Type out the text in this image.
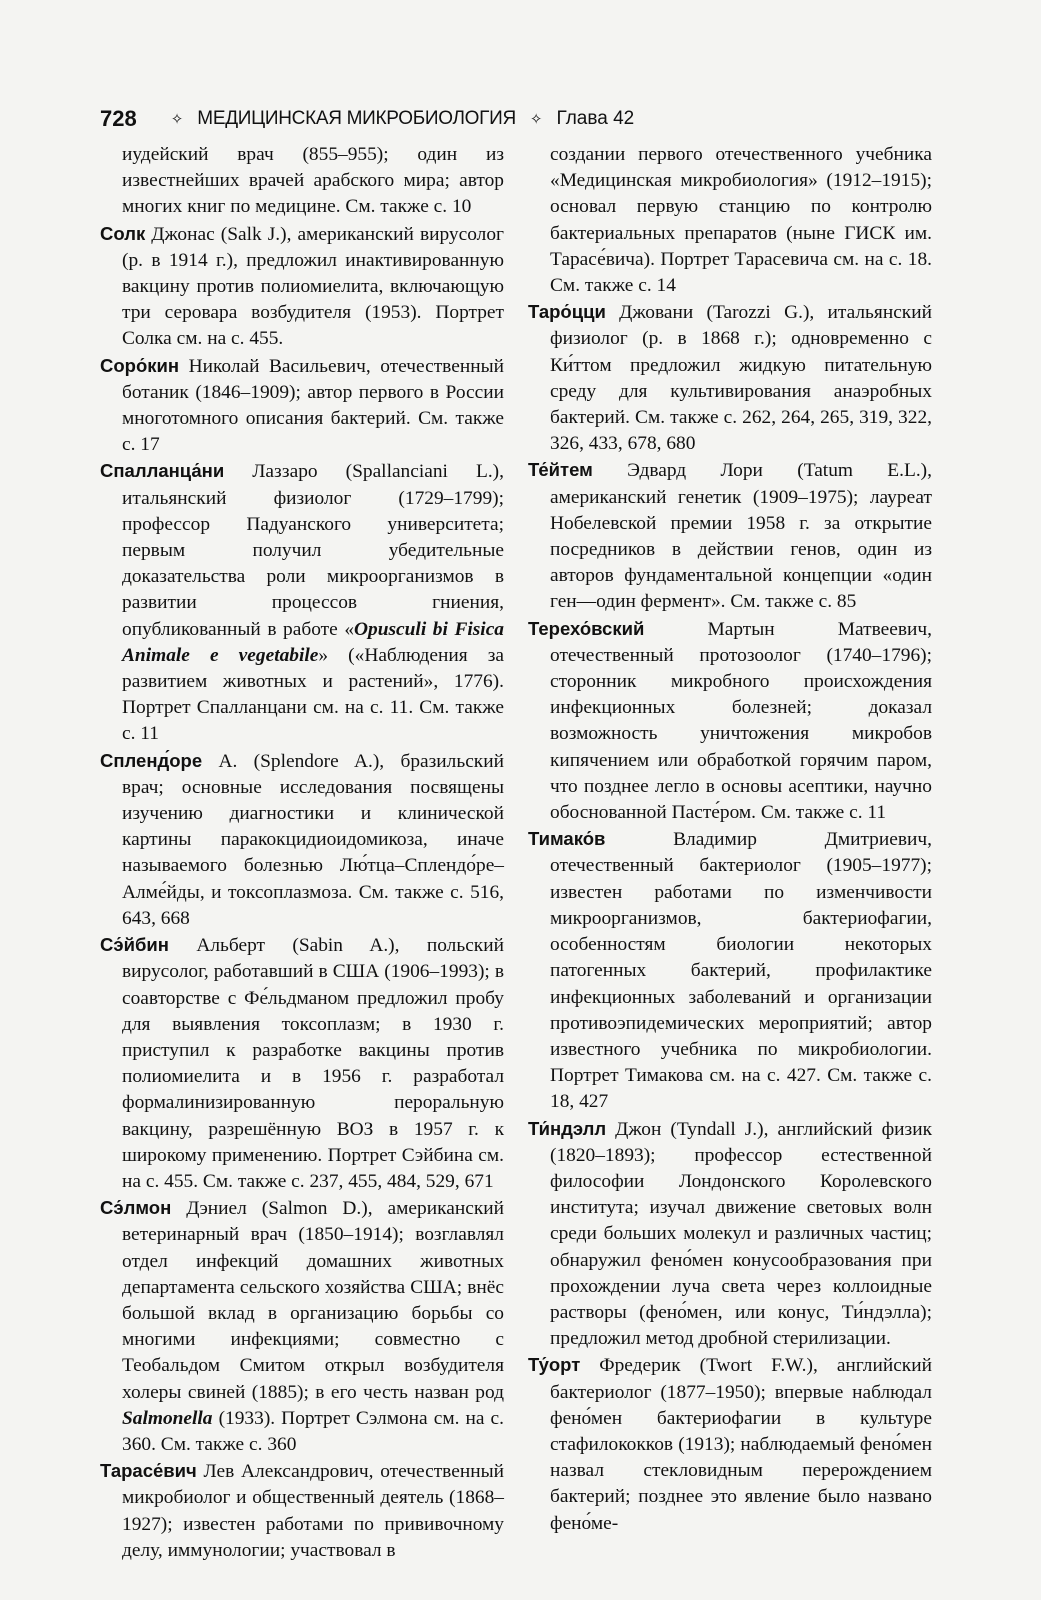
728 ✧ МЕДИЦИНСКАЯ МИКРОБИОЛОГИЯ ✧ Глава 42

иудейский врач (855–955); один из известнейших врачей арабского мира; автор многих книг по медицине. См. также с. 10

Солк Джонас (Salk J.), американский вирусолог (р. в 1914 г.), предложил инактивированную вакцину против полиомиелита, включающую три серовара возбудителя (1953). Портрет Солка см. на с. 455.

Соро́кин Николай Васильевич, отечественный ботаник (1846–1909); автор первого в России многотомного описания бактерий. См. также с. 17

Спалланца́ни Лаззаро (Spallanciani L.), итальянский физиолог (1729–1799); профессор Падуанского университета; первым получил убедительные доказательства роли микроорганизмов в развитии процессов гниения, опубликованный в работе «Opusculi bi Fisica Animale e vegetabile» («Наблюдения за развитием животных и растений», 1776). Портрет Спалланцани см. на с. 11. См. также с. 11

Спленд́оре А. (Splendore A.), бразильский врач; основные исследования посвящены изучению диагностики и клинической картины паракокцидиоидомикоза, иначе называемого болезнью Лю́тца–Сплендо́ре–Алме́йды, и токсоплазмоза. См. также с. 516, 643, 668

Сэ́йбин Альберт (Sabin A.), польский вирусолог, работавший в США (1906–1993); в соавторстве с Фе́льдманом предложил пробу для выявления токсоплазм; в 1930 г. приступил к разработке вакцины против полиомиелита и в 1956 г. разработал формалинизированную пероральную вакцину, разрешённую ВОЗ в 1957 г. к широкому применению. Портрет Сэйбина см. на с. 455. См. также с. 237, 455, 484, 529, 671

Сэ́лмон Дэниел (Salmon D.), американский ветеринарный врач (1850–1914); возглавлял отдел инфекций домашних животных департамента сельского хозяйства США; внёс большой вклад в организацию борьбы со многими инфекциями; совместно с Теобальдом Смитом открыл возбудителя холеры свиней (1885); в его честь назван род Salmonella (1933). Портрет Сэлмона см. на с. 360. См. также с. 360

Тарасе́вич Лев Александрович, отечественный микробиолог и общественный деятель (1868–1927); известен работами по прививочному делу, иммунологии; участвовал в

создании первого отечественного учебника «Медицинская микробиология» (1912–1915); основал первую станцию по контролю бактериальных препаратов (ныне ГИСК им. Тарасе́вича). Портрет Тарасевича см. на с. 18. См. также с. 14

Таро́цци Джовани (Tarozzi G.), итальянский физиолог (р. в 1868 г.); одновременно с Ки́ттом предложил жидкую питательную среду для культивирования анаэробных бактерий. См. также с. 262, 264, 265, 319, 322, 326, 433, 678, 680

Те́йтем Эдвард Лори (Tatum E.L.), американский генетик (1909–1975); лауреат Нобелевской премии 1958 г. за открытие посредников в действии генов, один из авторов фундаментальной концепции «один ген—один фермент». См. также с. 85

Терехо́вский	Мартын Матвеевич, отечественный протозоолог (1740–1796); сторонник микробного происхождения инфекционных болезней; доказал возможность уничтожения микробов кипячением или обработкой горячим паром, что позднее легло в основы асептики, научно обоснованной Пасте́ром. См. также с. 11

Тимако́в	Владимир Дмитриевич, отечественный бактериолог (1905–1977); известен работами по изменчивости микроорганизмов, бактериофагии, особенностям биологии некоторых патогенных бактерий, профилактике инфекционных заболеваний и организации противоэпидемических мероприятий; автор известного учебника по микробиологии. Портрет Тимакова см. на с. 427. См. также с. 18, 427

Ти́ндэлл Джон (Tyndall J.), английский физик (1820–1893); профессор естественной философии Лондонского Королевского института; изучал движение световых волн среди больших молекул и различных частиц; обнаружил фено́мен конусообразования при прохождении луча света через коллоидные растворы (фено́мен, или конус, Ти́ндэлла); предложил метод дробной стерилизации.

Ту́орт Фредерик (Twort F.W.), английский бактериолог (1877–1950); впервые наблюдал фено́мен бактериофагии в культуре стафилококков (1913); наблюдаемый фено́мен назвал стекловидным перерождением бактерий; позднее это явление было названо фено́ме-
